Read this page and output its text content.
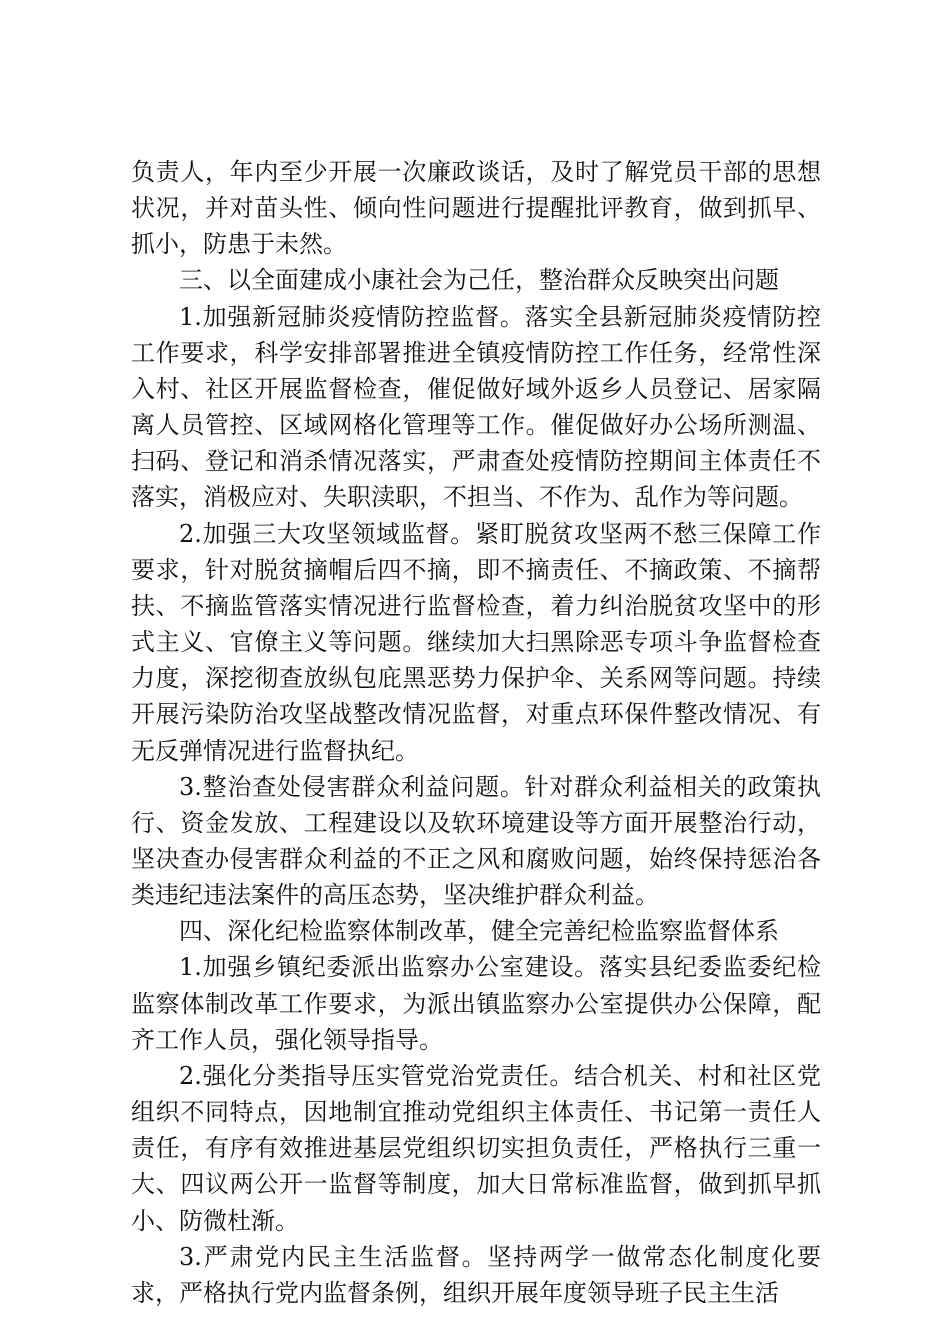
负责人，年内至少开展一次廉政谈话，及时了解党员干部的思想状况，并对苗头性、倾向性问题进行提醒批评教育，做到抓早、抓小，防患于未然。

三、以全面建成小康社会为己任，整治群众反映突出问题

1.加强新冠肺炎疫情防控监督。落实全县新冠肺炎疫情防控工作要求，科学安排部署推进全镇疫情防控工作任务，经常性深入村、社区开展监督检查，催促做好域外返乡人员登记、居家隔离人员管控、区域网格化管理等工作。催促做好办公场所测温、扫码、登记和消杀情况落实，严肃查处疫情防控期间主体责任不落实，消极应对、失职渎职，不担当、不作为、乱作为等问题。

2.加强三大攻坚领域监督。紧盯脱贫攻坚两不愁三保障工作要求，针对脱贫摘帽后四不摘，即不摘责任、不摘政策、不摘帮扶、不摘监管落实情况进行监督检查，着力纠治脱贫攻坚中的形式主义、官僚主义等问题。继续加大扫黑除恶专项斗争监督检查力度，深挖彻查放纵包庇黑恶势力保护伞、关系网等问题。持续开展污染防治攻坚战整改情况监督，对重点环保件整改情况、有无反弹情况进行监督执纪。

3.整治查处侵害群众利益问题。针对群众利益相关的政策执行、资金发放、工程建设以及软环境建设等方面开展整治行动，坚决查办侵害群众利益的不正之风和腐败问题，始终保持惩治各类违纪违法案件的高压态势，坚决维护群众利益。

四、深化纪检监察体制改革，健全完善纪检监察监督体系

1.加强乡镇纪委派出监察办公室建设。落实县纪委监委纪检监察体制改革工作要求，为派出镇监察办公室提供办公保障，配齐工作人员，强化领导指导。

2.强化分类指导压实管党治党责任。结合机关、村和社区党组织不同特点，因地制宜推动党组织主体责任、书记第一责任人责任，有序有效推进基层党组织切实担负责任，严格执行三重一大、四议两公开一监督等制度，加大日常标准监督，做到抓早抓小、防微杜渐。

3.严肃党内民主生活监督。坚持两学一做常态化制度化要求，严格执行党内监督条例，组织开展年度领导班子民主生活
